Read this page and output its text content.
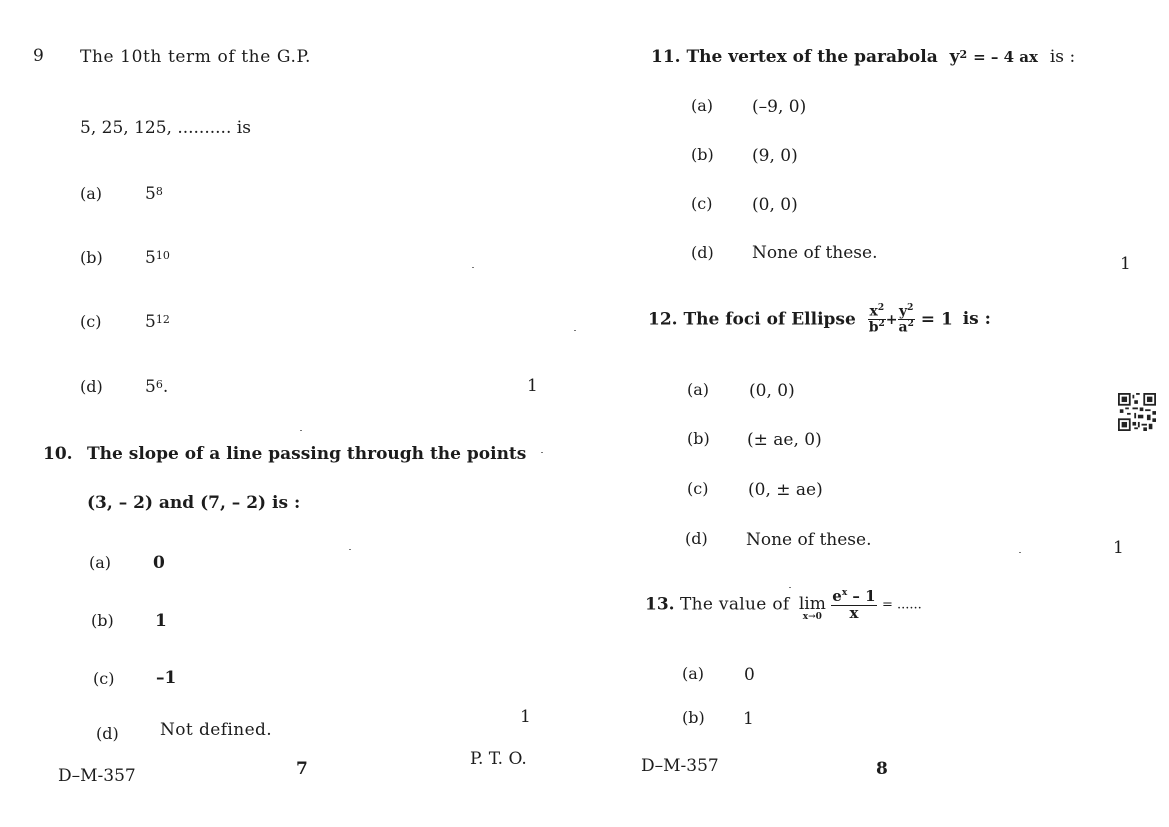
9 The 10th term of the G.P.
5, 25, 125, .......... is
(a)	$5^8$
(b) $5^{10}$
(c)	$5^{12}$
(d) $5^6$.	1
10. The slope of a line passing through the points
(3, – 2) and (7, – 2) is :
(a) 0
(b) 1
(c) –1
(d) Not defined.
1
D–M-357	7	P. T. O.
11. The vertex of the parabola $y^2$ = – 4 ax is :
(a) (–9, 0)
(b) (9, 0)
(c) (0, 0)
(d) None of these.
1
12. The foci of Ellipse $\frac{x^2}{b^2} + \frac{y^2}{a^2} = 1$ is :
(a) (0, 0)
(b) (± ae, 0)
(c) (0, ± ae)
(d) None of these.	1
13. The value of lim
x→0
$\frac{e^x - 1}{x}$ = ......
(a) 0
(b) 1
D–M-357	8
